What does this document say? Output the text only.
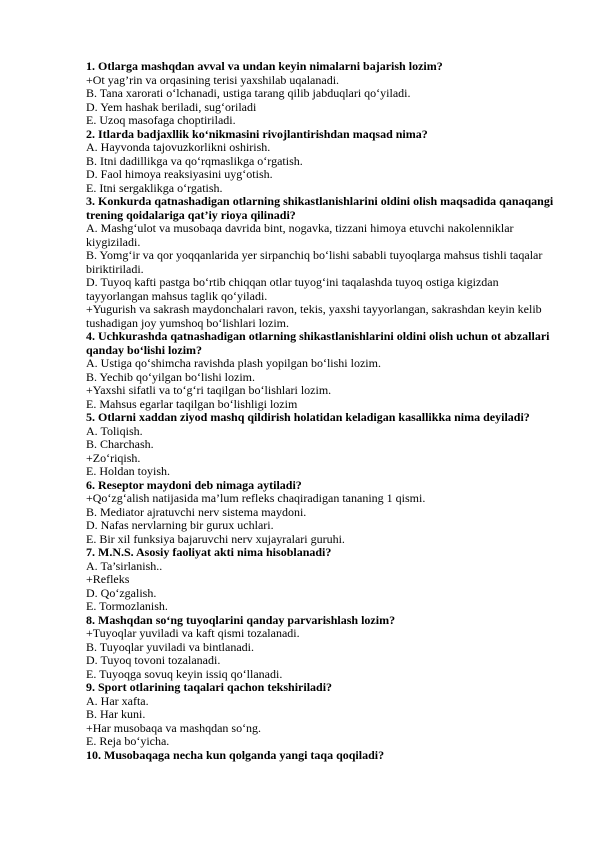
1. Otlarga mashqdan avval va undan keyin nimalarni bajarish lozim?

+Ot yag’rin va orqasining terisi yaxshilab uqalanadi.

B. Tana xarorati o‘lchanadi, ustiga tarang qilib jabduqlari qo‘yiladi.

D. Yem hashak beriladi, sug‘oriladi

E. Uzoq masofaga choptiriladi.

2. Itlarda badjaxllik ko‘nikmasini rivojlantirishdan maqsad nima?

A. Hayvonda tajovuzkorlikni oshirish.

B. Itni dadillikga va qo‘rqmaslikga o‘rgatish.

D. Faol himoya reaksiyasini uyg‘otish.

E. Itni sergaklikga o‘rgatish.

3. Konkurda qatnashadigan otlarning shikastlanishlarini oldini olish maqsadida qanaqangi trening qoidalariga qat’iy rioya qilinadi?

A. Mashg‘ulot va musobaqa davrida bint, nogavka, tizzani himoya etuvchi nakolenniklar kiygiziladi.

B. Yomg‘ir va qor yoqqanlarida yer sirpanchiq bo‘lishi sababli tuyoqlarga mahsus tishli taqalar biriktiriladi.

D. Tuyoq kafti pastga bo‘rtib chiqqan otlar tuyog‘ini taqalashda tuyoq ostiga kigizdan tayyorlangan mahsus taglik qo‘yiladi.

+Yugurish va sakrash maydonchalari ravon, tekis, yaxshi tayyorlangan, sakrashdan keyin kelib tushadigan joy yumshoq bo‘lishlari lozim.

4. Uchkurashda qatnashadigan otlarning shikastlanishlarini oldini olish uchun ot abzallari qanday bo‘lishi lozim?

A. Ustiga qo‘shimcha ravishda plash yopilgan bo‘lishi lozim.

B. Yechib qo‘yilgan bo‘lishi lozim.

+Yaxshi sifatli va to‘g‘ri taqilgan bo‘lishlari lozim.

E. Mahsus egarlar taqilgan bo‘lishligi lozim

5. Otlarni xaddan ziyod mashq qildirish holatidan keladigan kasallikka nima deyiladi?

A. Toliqish.

B. Charchash.

+Zo‘riqish.

E. Holdan toyish.

6. Reseptor maydoni deb nimaga aytiladi?

+Qo‘zg‘alish natijasida ma’lum refleks chaqiradigan tananing 1 qismi.

B. Mediator ajratuvchi nerv sistema maydoni.

D. Nafas nervlarning bir gurux uchlari.

E. Bir xil funksiya bajaruvchi nerv xujayralari guruhi.

7. M.N.S. Asosiy faoliyat akti nima hisoblanadi?

A. Ta’sirlanish..

+Refleks

D. Qo‘zgalish.

E. Tormozlanish.

8. Mashqdan so‘ng tuyoqlarini qanday parvarishlash lozim?

+Tuyoqlar yuviladi va kaft qismi tozalanadi.

B. Tuyoqlar yuviladi va bintlanadi.

D. Tuyoq tovoni tozalanadi.

E. Tuyoqga sovuq keyin issiq qo‘llanadi.

9. Sport otlarining taqalari qachon tekshiriladi?

A. Har xafta.

B. Har kuni.

+Har musobaqa va mashqdan so‘ng.

E. Reja bo‘yicha.

10. Musobaqaga necha kun qolganda yangi taqa qoqiladi?
